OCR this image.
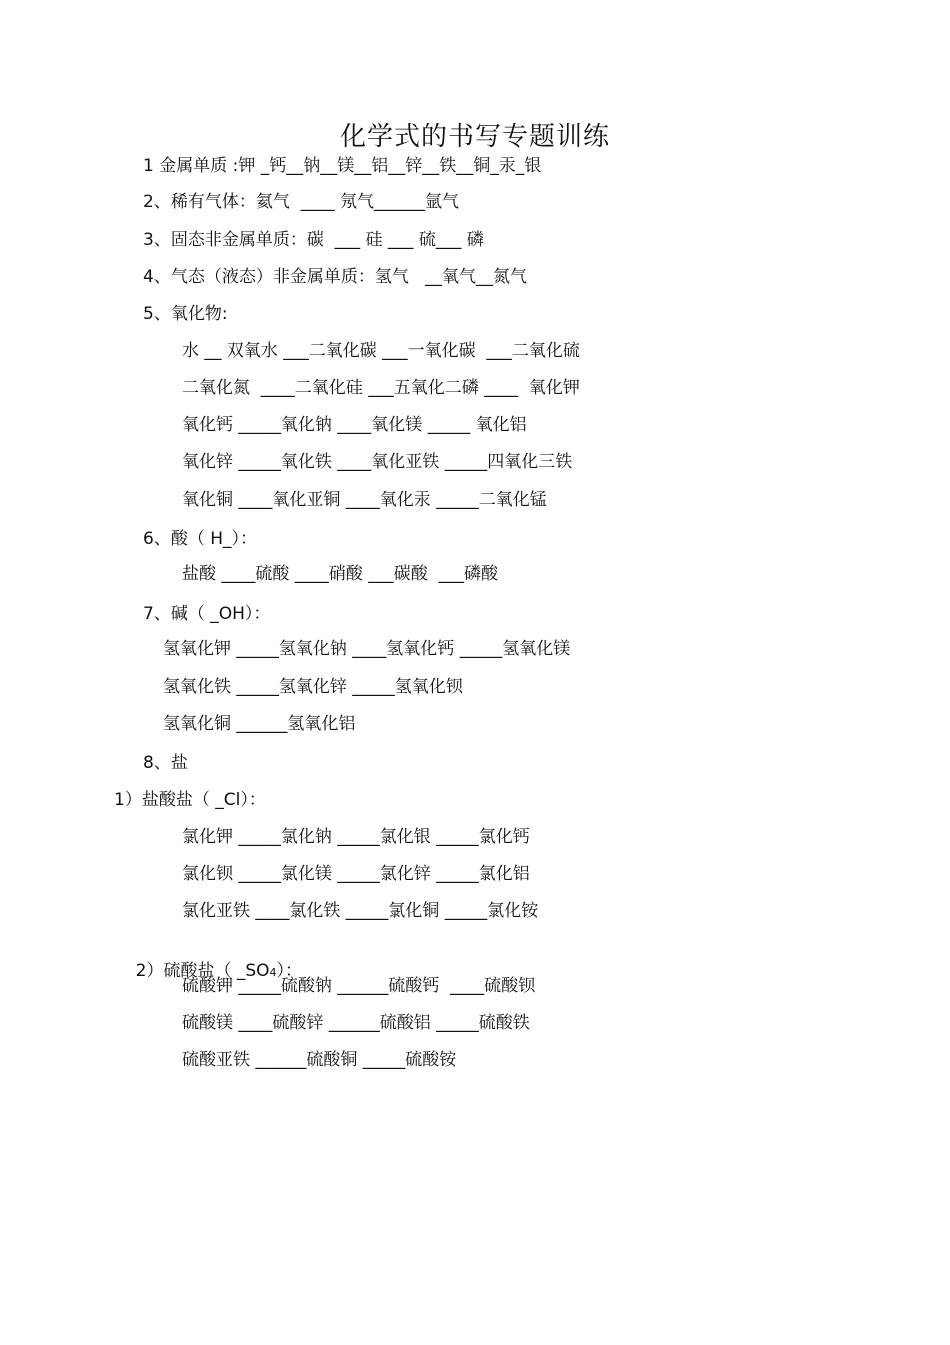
化学式的书写专题训练
1 金属单质 :钾 _钙__钠__镁__铝__锌__铁__铜_汞_银
2、稀有气体：氦气  ____ 氖气______氩气
3、固态非金属单质：碳  ___ 硅 ___ 硫___ 磷
4、气态（液态）非金属单质：氢气   __氧气__氮气
5、氧化物:
水 __ 双氧水 ___二氧化碳 ___一氧化碳  ___二氧化硫
二氧化氮  ____二氧化硅 ___五氧化二磷 ____  氧化钾
氧化钙 _____氧化钠 ____氧化镁 _____ 氧化铝
氧化锌 _____氧化铁 ____氧化亚铁 _____四氧化三铁
氧化铜 ____氧化亚铜 ____氧化汞 _____二氧化锰
6、酸（ H_）：
盐酸 ____硫酸 ____硝酸 ___碳酸  ___磷酸
7、碱（ _OH）：
氢氧化钾 _____氢氧化钠 ____氢氧化钙 _____氢氧化镁
氢氧化铁 _____氢氧化锌 _____氢氧化钡
氢氧化铜 ______氢氧化铝
8、盐
1）盐酸盐（ _Cl）：
氯化钾 _____氯化钠 _____氯化银 _____氯化钙
氯化钡 _____氯化镁 _____氯化锌 _____氯化铝
氯化亚铁 ____氯化铁 _____氯化铜 _____氯化铵
硫酸钾 _____硫酸钠 ______硫酸钙  ____硫酸钡
硫酸镁 ____硫酸锌 ______硫酸铝 _____硫酸铁
硫酸亚铁 ______硫酸铜 _____硫酸铵

2）硫酸盐（ _SO4）：
